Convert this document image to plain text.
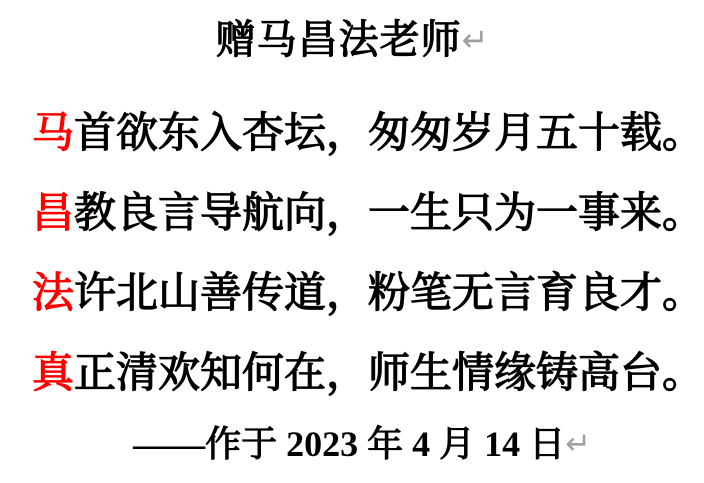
赠马昌法老师↵
马首欲东入杏坛，匆匆岁月五十载。
昌教良言导航向，一生只为一事来。
法许北山善传道，粉笔无言育良才。
真正清欢知何在，师生情缘铸高台。
——作于 2023 年 4 月 14 日↵
